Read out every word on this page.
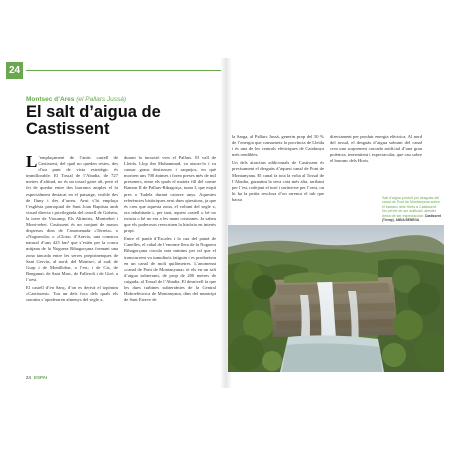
24
Montsec d’Ares (el Pallars Jussà)
El salt d’aigua de Castissent

L ’emplaçament de l’antic castell de Castissent, del qual no queden restes, des d’un punt de vista estratègic és immillorable. El Tossal de l’Abadia, de 727 metres d’altitud, no és un tossal gaire alt, però el fet de quedar entre dos barrancs amples el fa especialment destacat en el paisatge, visible des de Iluny i des d’arreu. Avui s’hi emplaça l’església parroquial de Sant Joan Baptista amb visual directa i privilegiada del castell de Girbeta, la torre de Viacamp, Els Altimiris, Montrebei i Mont-rebei. Castissent és un conjunt de masos dispersos dins de l’anomenada «Terreta» o «Noguerola» o «Clota» d’Aravix, una comarca natural d’uns 425 km² que s’estén per la conca mitjana de la Noguera Ribagorçana formant una zona tancada entre les serres prepirinenques de Sant Gervàs, al nord; del Montsec, al sud; de Gurp i de Montllobar, a l’est; i de Cis, de Benganui, de Sant Marc, de Falleroli i de Giró, a l’oest.

El castell d’en Sanç, d’on es derivà el topònim «Castissent». Tou un dels focs dels quals els sarraïns s’apoderaren almenys del segle x,

durant la incursió vers el Pallars. El vall de Lleida. Llop ibn Muhammad, va atacar-lo i va causar grans destrosses i saquejos, en què moriren uns 700 ànimes i foren preses més de mil presoners, entre els quals el mateix fill del comte Ramon II de Pallars-Ribagorça, tuam I, que esquí pres a Tudela durant catorze anys. Aquestes referències històriques avui dues qüestions, ja que és creu que aquesta zona, el voltant del segle x, era inhabitada i, per tant, aquest castell o bé no existia o bé no era a les mans cristianes. Ja sabeu que els poderosos reescriuen la història en interès propi.

Entre el pantà d’Escales i la cua del pantà de Canelles, el cabal de l’enorme llera de la Noguera Ribagorçana circula sota mínims per tal que el transcurrent vu tumultuós fatiguin i es produeixin en un canal de molt quilòmetres. L’anomenat «canal de Pont de Montanyana» té els en un salt d’aigua subterrani, de prop de 200 metres de caiguda, al Tossal de l’Abadia. El desnivell fa que les dues turbines subterrànies de la Central Hidroelèctrica de Montanyana, dins del municipi de Sant Esteve de

la Sarga, al Pallars Jussà, generin prop del 50 % de l’energia que consumeix la província de Lleida i és una de les centrals elèctriques de Catalunya més rendibles.

Un dels atractius addicionals de Castissent és precisament el desguàs d’aquest canal de Pont de Montanyana. El canal fa tota la volta al Tossal de l’Abadia, garantint la seva cota més alta, arribant per l’est, rodejant el turó i sortint-ne per l’oest, on hi ha la petita resclosa d’on arrenca el tub que baixa

directament per produir energia elèctrica. Al nord del tossal, el desguàs d’aigua sobrant del canal crea una sorprenent cascada artificial d’una gran potència, intermitent i espectacular, que cau sobre el barranc dels Horts.

Salt d’aigua produït pel desguàs del canal de Pont de Montanyana sobre el barranc dels Horts a Castissent. No pel fet de ser artificial i alesder deixa de ser espectacular. Castissent (Tremp). ANNA BENEGA
24 ESPAI
